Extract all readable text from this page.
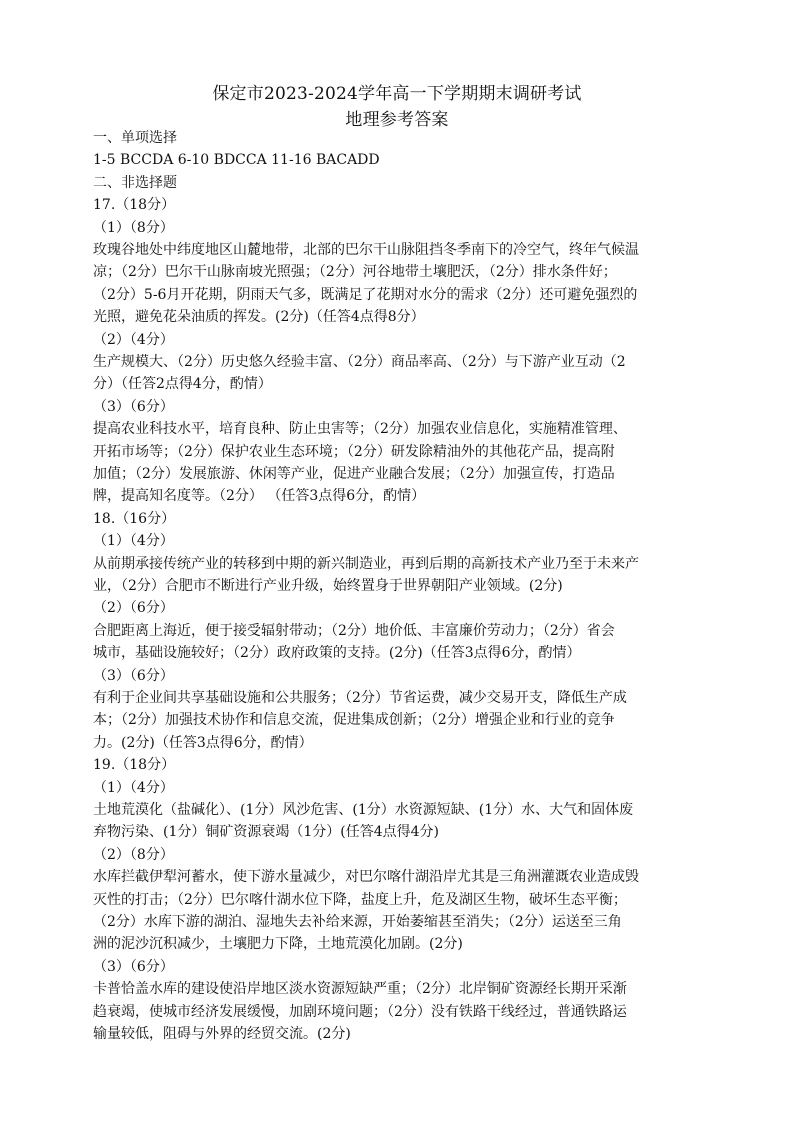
保定市2023-2024学年高一下学期期末调研考试
地理参考答案
一、单项选择
1-5 BCCDA 6-10 BDCCA 11-16 BACADD
二、非选择题
17.（18分）
（1）（8分）
玫瑰谷地处中纬度地区山麓地带，北部的巴尔干山脉阻挡冬季南下的冷空气，终年气候温
凉；（2分）巴尔干山脉南坡光照强；（2分）河谷地带土壤肥沃，（2分）排水条件好；
（2分）5-6月开花期，阴雨天气多，既满足了花期对水分的需求（2分）还可避免强烈的
光照，避免花朵油质的挥发。(2分)（任答4点得8分）
（2）（4分）
生产规模大、（2分）历史悠久经验丰富、（2分）商品率高、（2分）与下游产业互动（2
分）（任答2点得4分，酌情）
（3）（6分）
提高农业科技水平，培育良种、防止虫害等；（2分）加强农业信息化，实施精准管理、
开拓市场等；（2分）保护农业生态环境；（2分）研发除精油外的其他花产品，提高附
加值；（2分）发展旅游、休闲等产业，促进产业融合发展；（2分）加强宣传，打造品
牌，提高知名度等。（2分） （任答3点得6分，酌情）
18.（16分）
（1）（4分）
从前期承接传统产业的转移到中期的新兴制造业，再到后期的高新技术产业乃至于未来产
业，（2分）合肥市不断进行产业升级，始终置身于世界朝阳产业领域。(2分)
（2）（6分）
合肥距离上海近，便于接受辐射带动；（2分）地价低、丰富廉价劳动力；（2分）省会
城市，基础设施较好；（2分）政府政策的支持。(2分)（任答3点得6分，酌情）
（3）（6分）
有利于企业间共享基础设施和公共服务；（2分）节省运费，减少交易开支，降低生产成
本；（2分）加强技术协作和信息交流，促进集成创新；（2分）增强企业和行业的竞争
力。(2分)（任答3点得6分，酌情）
19.（18分）
（1）（4分）
土地荒漠化（盐碱化）、(1分）风沙危害、(1分）水资源短缺、(1分）水、大气和固体废
弃物污染、(1分）铜矿资源衰竭（1分）(任答4点得4分)
（2）（8分）
水库拦截伊犁河蓄水，使下游水量减少，对巴尔喀什湖沿岸尤其是三角洲灌溉农业造成毁
灭性的打击；（2分）巴尔喀什湖水位下降，盐度上升，危及湖区生物，破坏生态平衡；
（2分）水库下游的湖泊、湿地失去补给来源，开始萎缩甚至消失；（2分）运送至三角
洲的泥沙沉积减少，土壤肥力下降，土地荒漠化加剧。(2分)
（3）（6分）
卡普恰盖水库的建设使沿岸地区淡水资源短缺严重；（2分）北岸铜矿资源经长期开采渐
趋衰竭，使城市经济发展缓慢，加剧环境问题；（2分）没有铁路干线经过，普通铁路运
输量较低，阻碍与外界的经贸交流。(2分)
